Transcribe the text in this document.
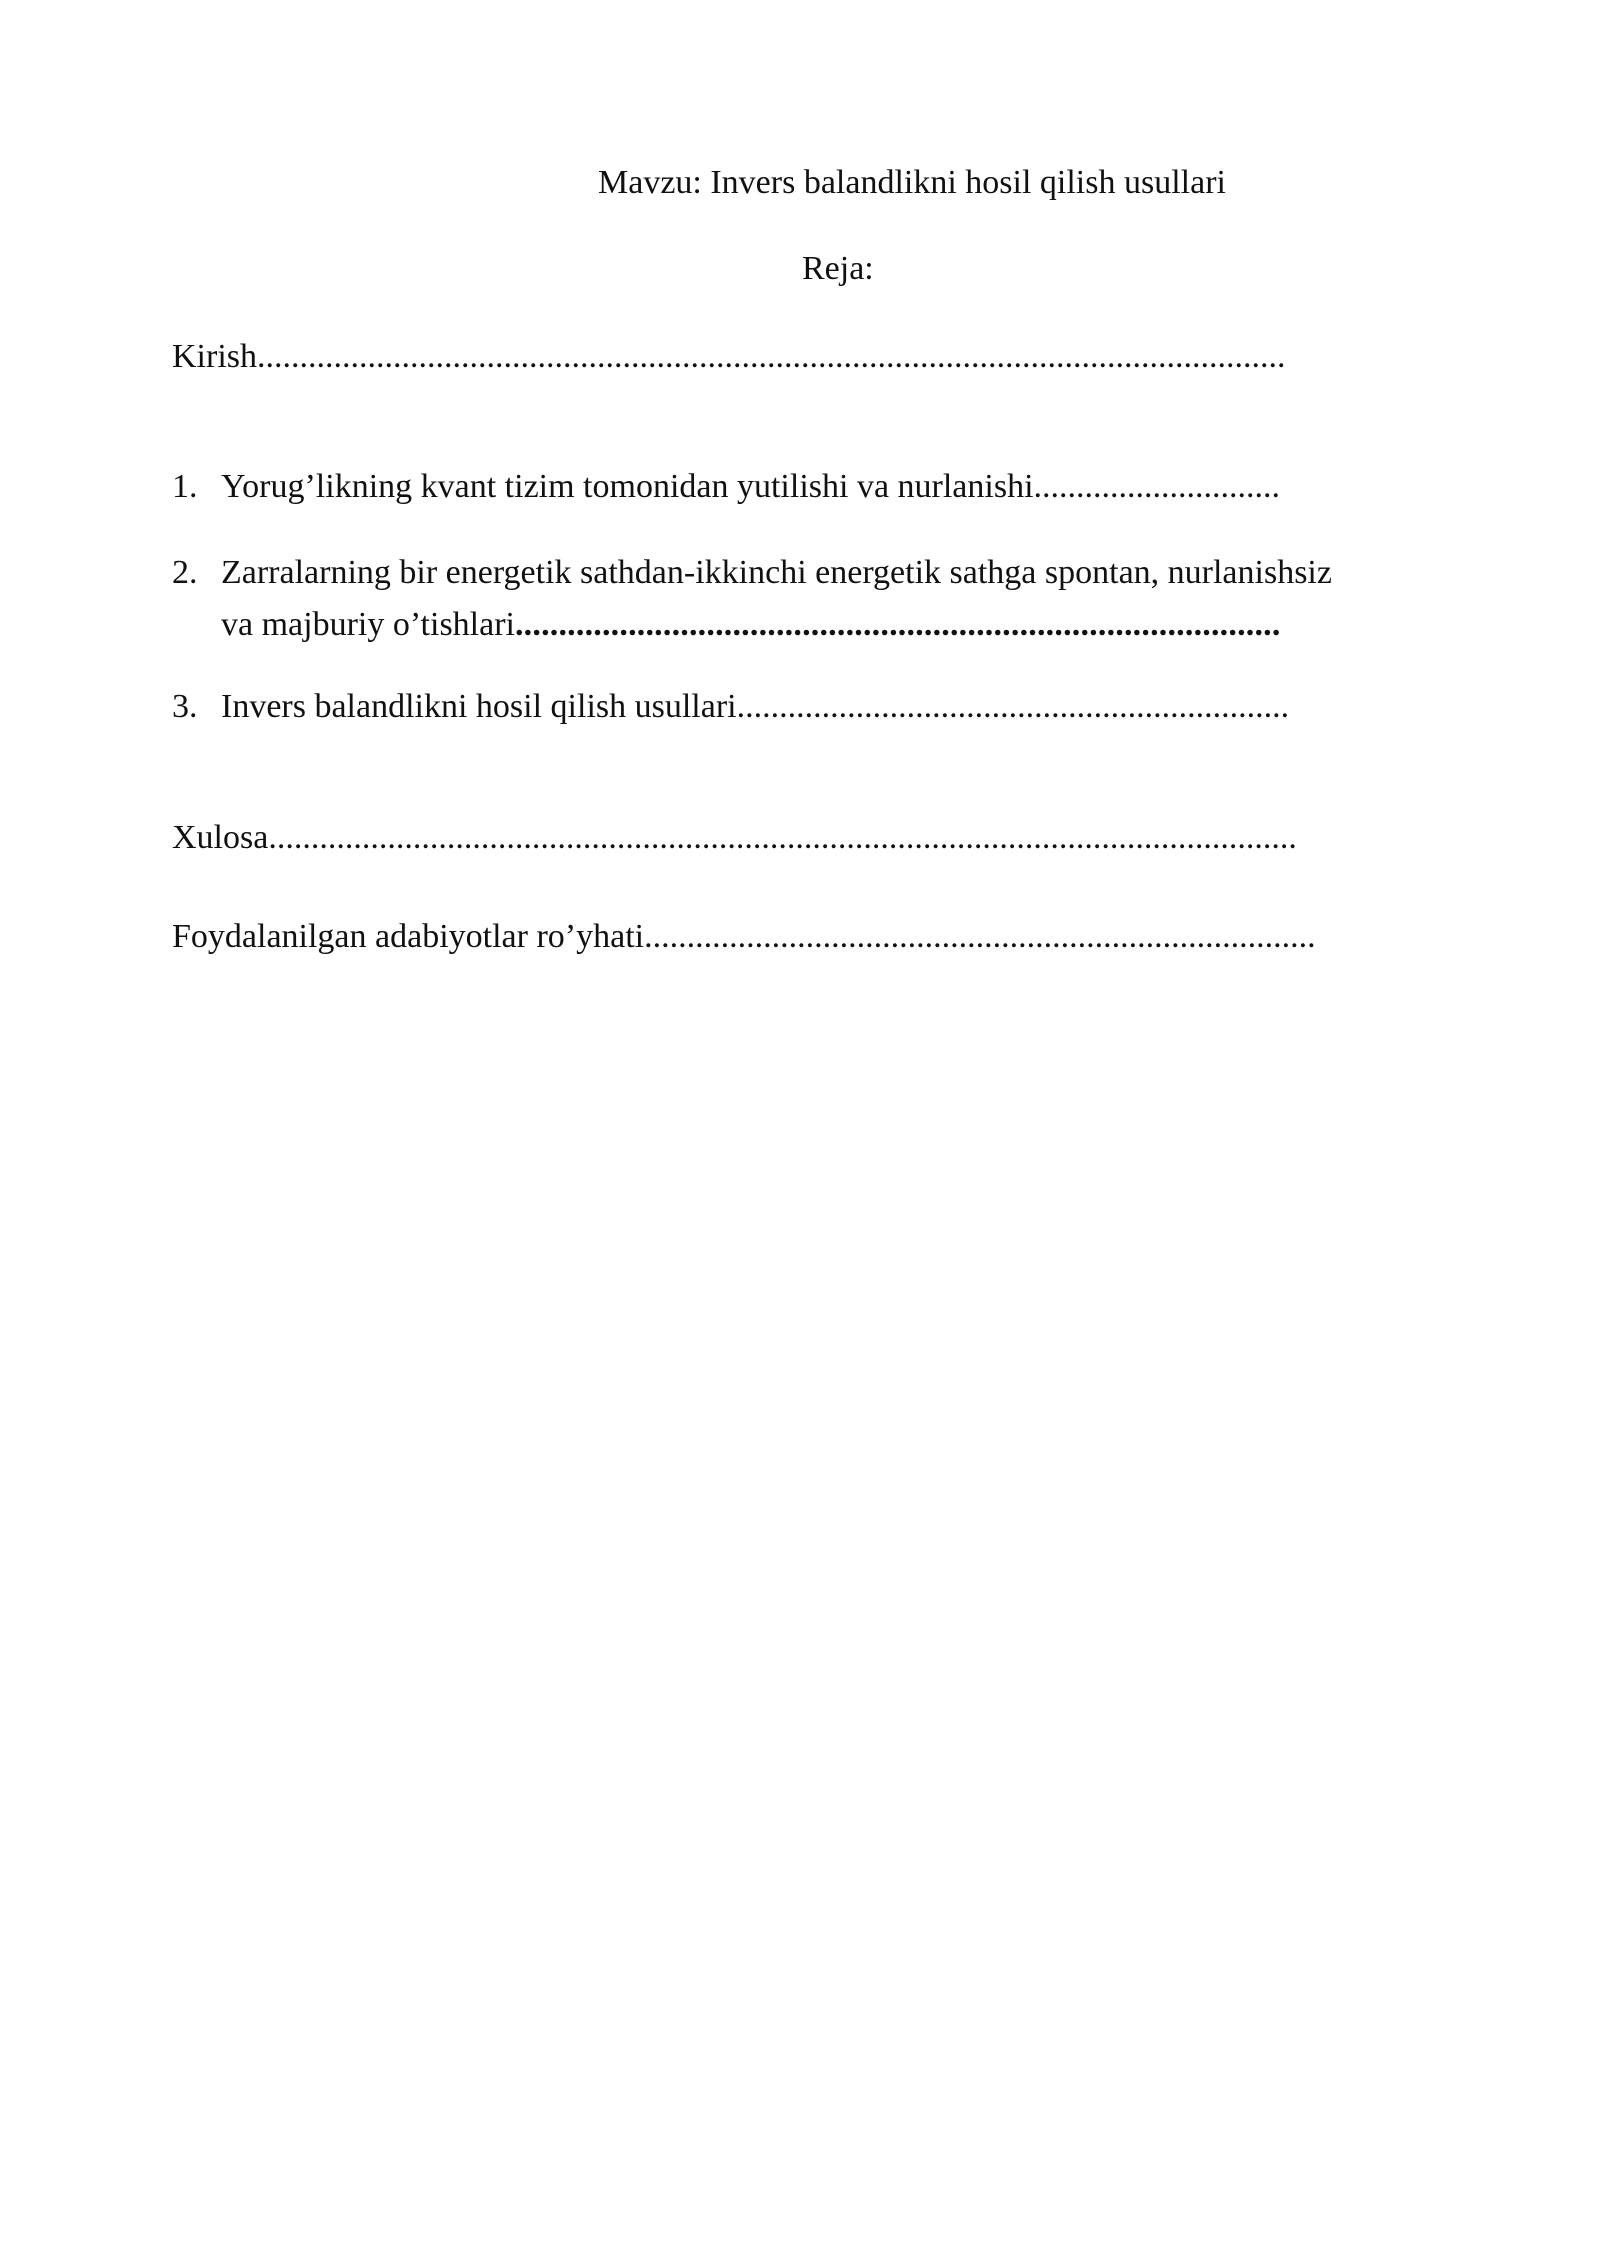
Mavzu: Invers balandlikni hosil qilish usullari
Reja:
Kirish.........................................................................................................................
1. Yorug’likning kvant tizim tomonidan yutilishi va nurlanishi.............................
2. Zarralarning bir energetik sathdan-ikkinchi energetik sathga spontan, nurlanishsiz
va majburiy o’tishlari........................................................................................
3. Invers balandlikni hosil qilish usullari.................................................................
Xulosa.........................................................................................................................
Foydalanilgan adabiyotlar ro’yhati...............................................................................
